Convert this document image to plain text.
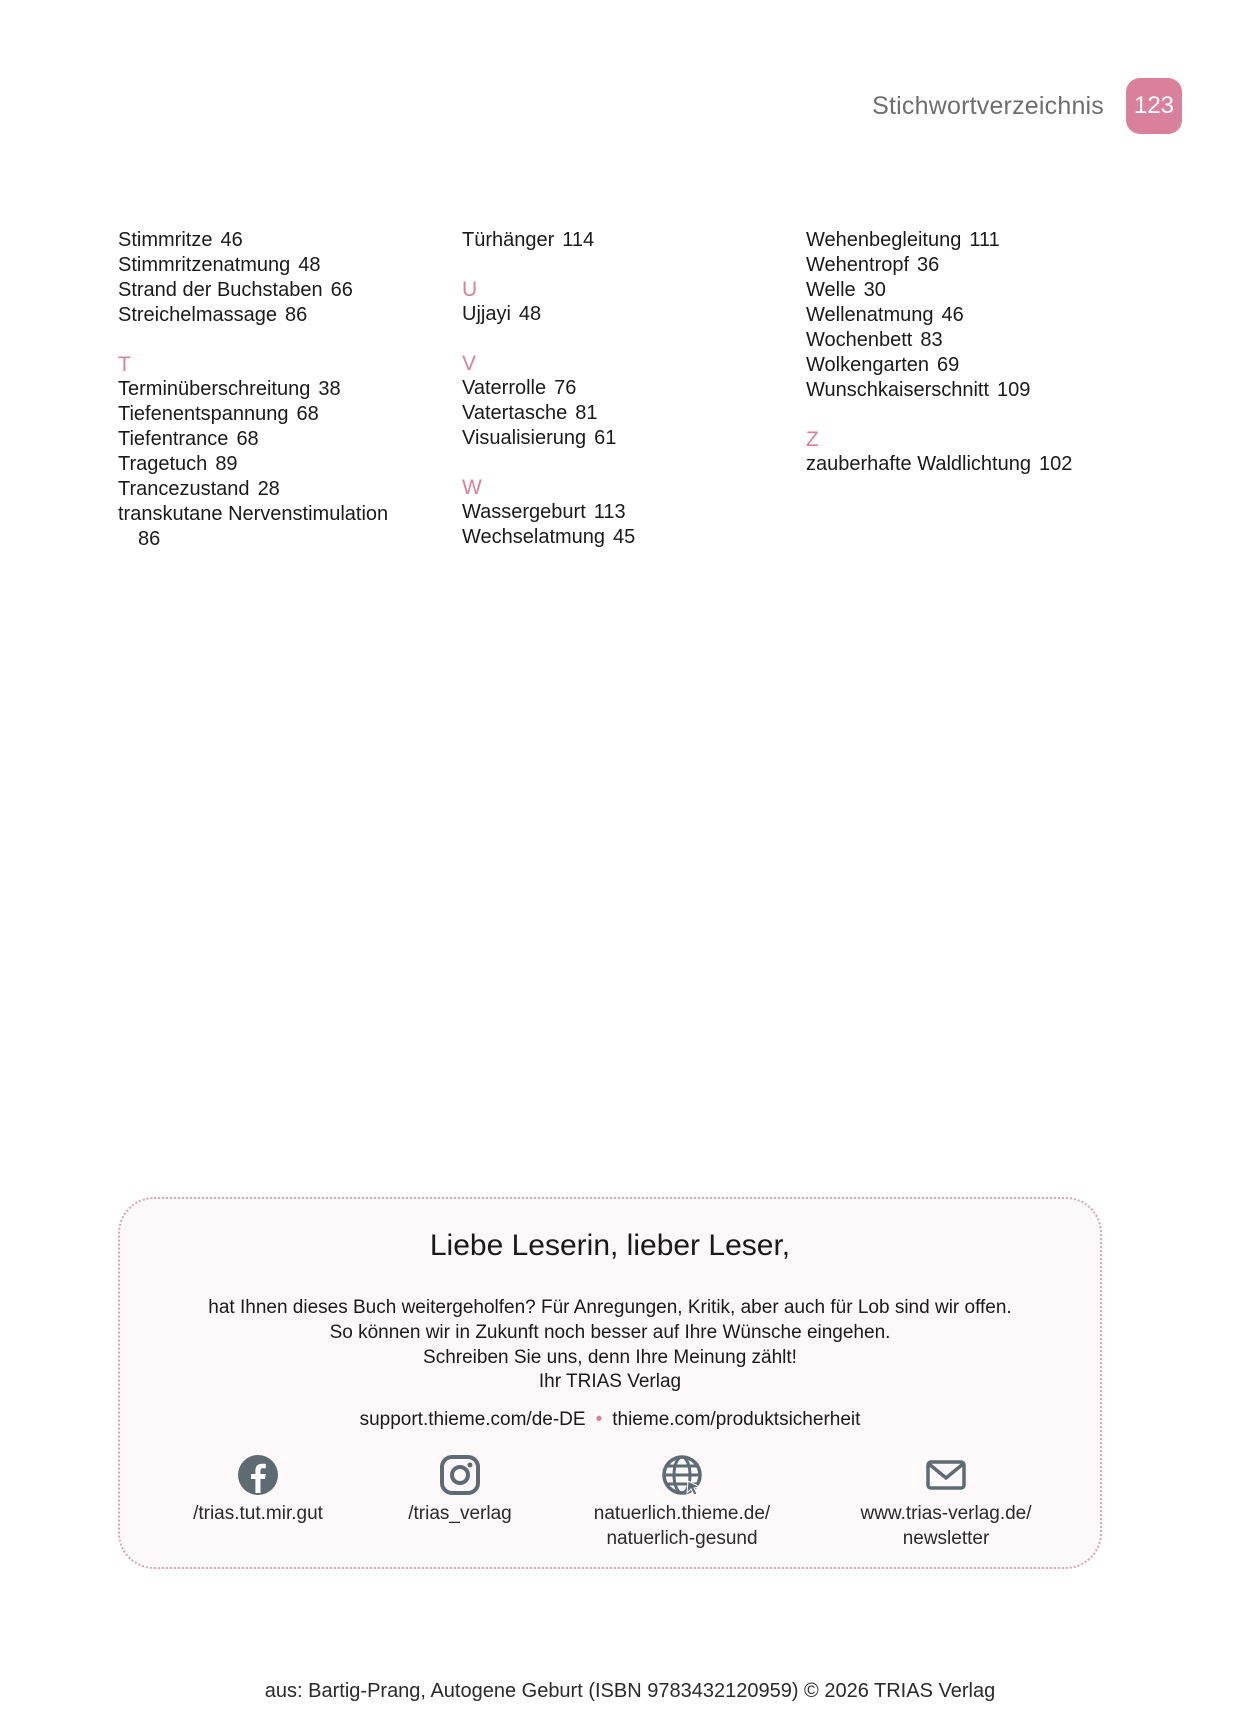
Stichwortverzeichnis	123
Stimmritze 46
Stimmritzenatmung 48
Strand der Buchstaben 66
Streichelmassage 86
T
Terminüberschreitung 38
Tiefenentspannung 68
Tiefentrance 68
Tragetuch 89
Trancezustand 28
transkutane Nervenstimulation
86
Türhänger 114
U
Ujjayi 48
V
Vaterrolle 76
Vatertasche 81
Visualisierung 61
W
Wassergeburt 113
Wechselatmung 45
Wehenbegleitung 111
Wehentropf 36
Welle 30
Wellenatmung 46
Wochenbett 83
Wolkengarten 69
Wunschkaiserschnitt 109
Z
zauberhafte Waldlichtung 102
Liebe Leserin, lieber Leser,
hat Ihnen dieses Buch weitergeholfen? Für Anregungen, Kritik, aber auch für Lob sind wir offen.
So können wir in Zukunft noch besser auf Ihre Wünsche eingehen.
Schreiben Sie uns, denn Ihre Meinung zählt!
Ihr TRIAS Verlag
support.thieme.com/de-DE • thieme.com/produktsicherheit
/trias.tut.mir.gut	/trias_verlag	natuerlich.thieme.de/
natuerlich-gesund
www.trias-verlag.de/
newsletter
aus: Bartig-Prang, Autogene Geburt (ISBN 9783432120959) © 2026 TRIAS Verlag
